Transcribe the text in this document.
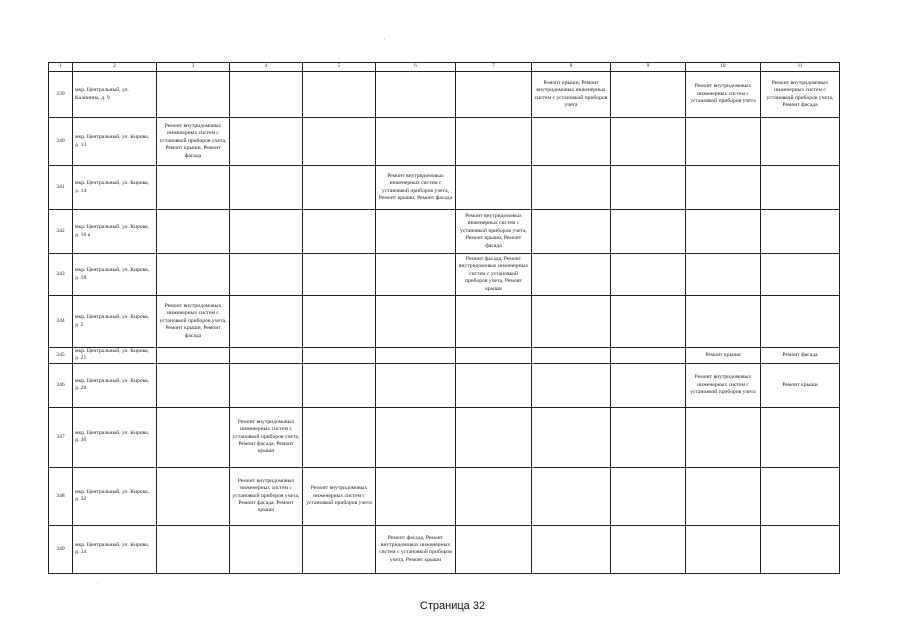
·
·
1	2	3	4	5	6	7	8	9	10	11
339	мкр. Центральный, ул. Калинина, д. 9						Ремонт крыши, Ремонт внутридомовых инженерных систем с установкой приборов учета		Ремонт внутридомовых инженерных систем с установкой приборов учета	Ремонт внутридомовых инженерных систем с установкой приборов учета, Ремонт фасада
340	мкр. Центральный, ул. Кирова, д. 13	Ремонт внутридомовых инженерных систем с установкой приборов учета, Ремонт крыши, Ремонт фасада								
341	мкр. Центральный, ул. Кирова, д. 14				Ремонт внутридомовых инженерных систем с установкой приборов учета, Ремонт крыши, Ремонт фасада					
342	мкр. Центральный, ул. Кирова, д. 16 а					Ремонт внутридомовых инженерных систем с установкой приборов учета, Ремонт крыши, Ремонт фасада				
343	мкр. Центральный, ул. Кирова, д. 18					Ремонт фасада, Ремонт внутридомовых инженерных систем с установкой приборов учета, Ремонт крыши				
344	мкр. Центральный, ул. Кирова, д. 2	Ремонт внутридомовых инженерных систем с установкой приборов учета, Ремонт крыши, Ремонт фасада								
345	мкр. Центральный, ул. Кирова, д. 21								Ремонт крыши	Ремонт фасада
346	мкр. Центральный, ул. Кирова, д. 28								Ремонт внутридомовых инженерных систем с установкой приборов учета	Ремонт крыши
347	мкр. Центральный, ул. Кирова, д. 30		Ремонт внутридомовых инженерных систем с установкой приборов учета, Ремонт фасада, Ремонт крыши							
348	мкр. Центральный, ул. Кирова, д. 32		Ремонт внутридомовых инженерных систем с установкой приборов учета, Ремонт фасада, Ремонт крыши	Ремонт внутридомовых инженерных систем с установкой приборов учета						
349	мкр. Центральный, ул. Кирова, д. 34				Ремонт фасада, Ремонт внутридомовых инженерных систем с установкой приборов учета, Ремонт крыши					
Страница 32
